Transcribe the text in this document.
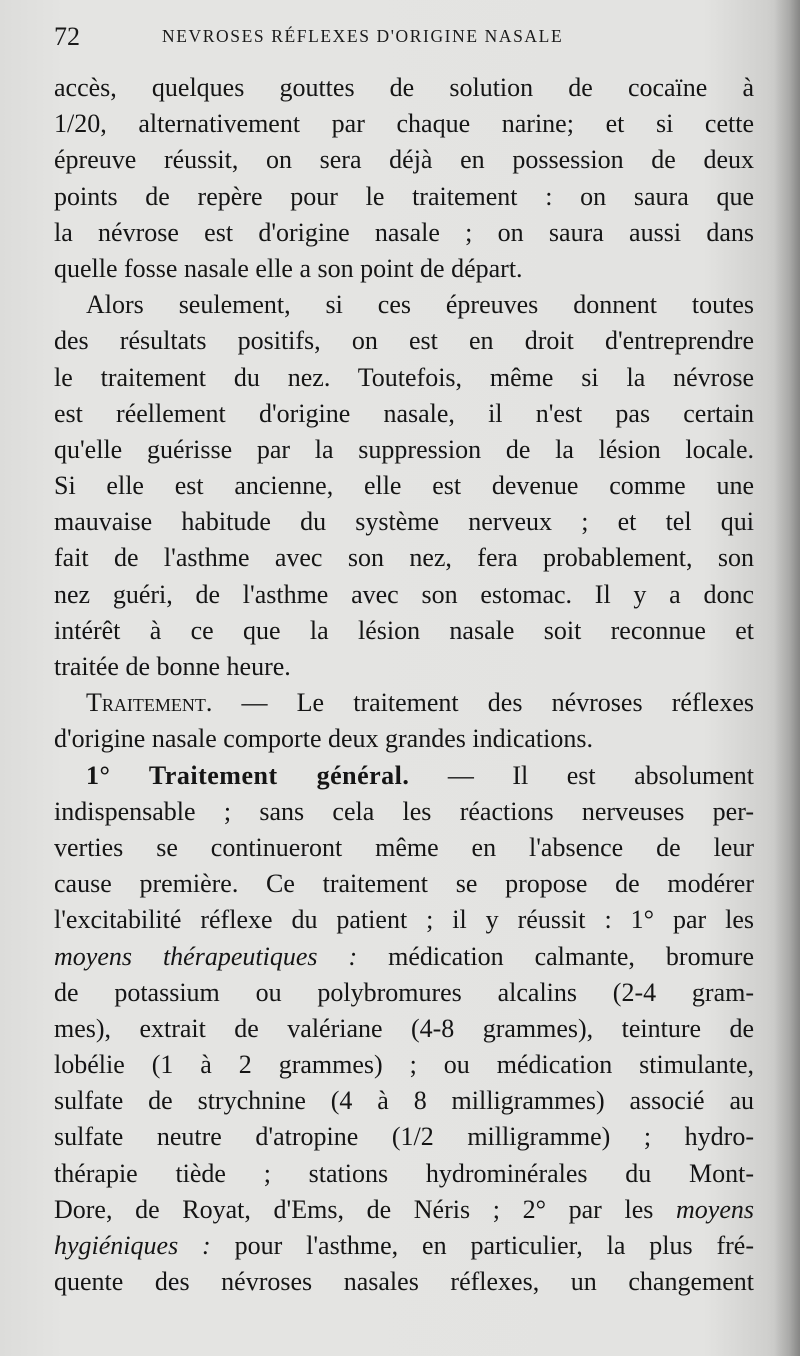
72	NEVROSES RÉFLEXES D'ORIGINE NASALE
accès, quelques gouttes de solution de cocaïne à
1/20, alternativement par chaque narine; et si cette
épreuve réussit, on sera déjà en possession de deux
points de repère pour le traitement : on saura que
la névrose est d'origine nasale ; on saura aussi dans
quelle fosse nasale elle a son point de départ.
Alors seulement, si ces épreuves donnent toutes
des résultats positifs, on est en droit d'entreprendre
le traitement du nez. Toutefois, même si la névrose
est réellement d'origine nasale, il n'est pas certain
qu'elle guérisse par la suppression de la lésion locale.
Si elle est ancienne, elle est devenue comme une
mauvaise habitude du système nerveux ; et tel qui
fait de l'asthme avec son nez, fera probablement, son
nez guéri, de l'asthme avec son estomac. Il y a donc
intérêt à ce que la lésion nasale soit reconnue et
traitée de bonne heure.
Traitement. — Le traitement des névroses réflexes
d'origine nasale comporte deux grandes indications.
1° Traitement général. — Il est absolument
indispensable ; sans cela les réactions nerveuses per-
verties se continueront même en l'absence de leur
cause première. Ce traitement se propose de modérer
l'excitabilité réflexe du patient ; il y réussit : 1° par les
moyens thérapeutiques : médication calmante, bromure
de potassium ou polybromures alcalins (2-4 gram-
mes), extrait de valériane (4-8 grammes), teinture de
lobélie (1 à 2 grammes) ; ou médication stimulante,
sulfate de strychnine (4 à 8 milligrammes) associé au
sulfate neutre d'atropine (1/2 milligramme) ; hydro-
thérapie tiède ; stations hydrominérales du Mont-
Dore, de Royat, d'Ems, de Néris ; 2° par les moyens
hygiéniques : pour l'asthme, en particulier, la plus fré-
quente des névroses nasales réflexes, un changement
